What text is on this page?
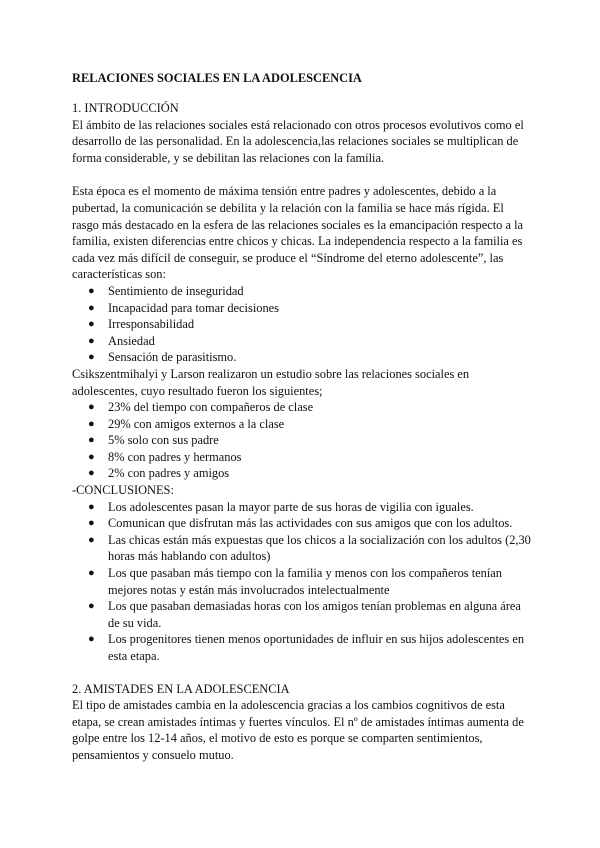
RELACIONES SOCIALES EN LA ADOLESCENCIA

1. INTRODUCCIÓN

El ámbito de las relaciones sociales está relacionado con otros procesos evolutivos como el desarrollo de las personalidad. En la adolescencia,las relaciones sociales se multiplican de forma considerable, y se debilitan las relaciones con la familia.

Esta época es el momento de máxima tensión entre padres y adolescentes, debido a la pubertad, la comunicación se debilita y la relación con la familia se hace más rígida. El rasgo más destacado en la esfera de las relaciones sociales es la emancipación respecto a la familia, existen diferencias entre chicos y chicas. La independencia respecto a la familia es cada vez más difícil de conseguir, se produce el “Síndrome del eterno adolescente”, las características son:

●	Sentimiento de inseguridad
●	Incapacidad para tomar decisiones
●	Irresponsabilidad
●	Ansiedad
●	Sensación de parasitismo.

Csikszentmihalyi y Larson realizaron un estudio sobre las relaciones sociales en adolescentes, cuyo resultado fueron los siguientes;

●	23% del tiempo con compañeros de clase
●	29% con amigos externos a la clase
●	5% solo con sus padre
●	8% con padres y hermanos
●	2% con padres y amigos

-CONCLUSIONES:

●	Los adolescentes pasan la mayor parte de sus horas de vigilia con iguales.
●	Comunican que disfrutan más las actividades con sus amigos que con los adultos.
●	Las chicas están más expuestas que los chicos a la socialización con los adultos (2,30 horas más hablando con adultos)
●	Los que pasaban más tiempo con la familia y menos con los compañeros tenían mejores notas y están más involucrados intelectualmente
●	Los que pasaban demasiadas horas con los amigos tenían problemas en alguna área de su vida.
●	Los progenitores tienen menos oportunidades de influir en sus hijos adolescentes en esta etapa.

2. AMISTADES EN LA ADOLESCENCIA

El tipo de amistades cambia en la adolescencia gracias a los cambios cognitivos de esta etapa, se crean amistades íntimas y fuertes vínculos. El nº de amistades íntimas aumenta de golpe entre los 12-14 años, el motivo de esto es porque se comparten sentimientos, pensamientos y consuelo mutuo.
